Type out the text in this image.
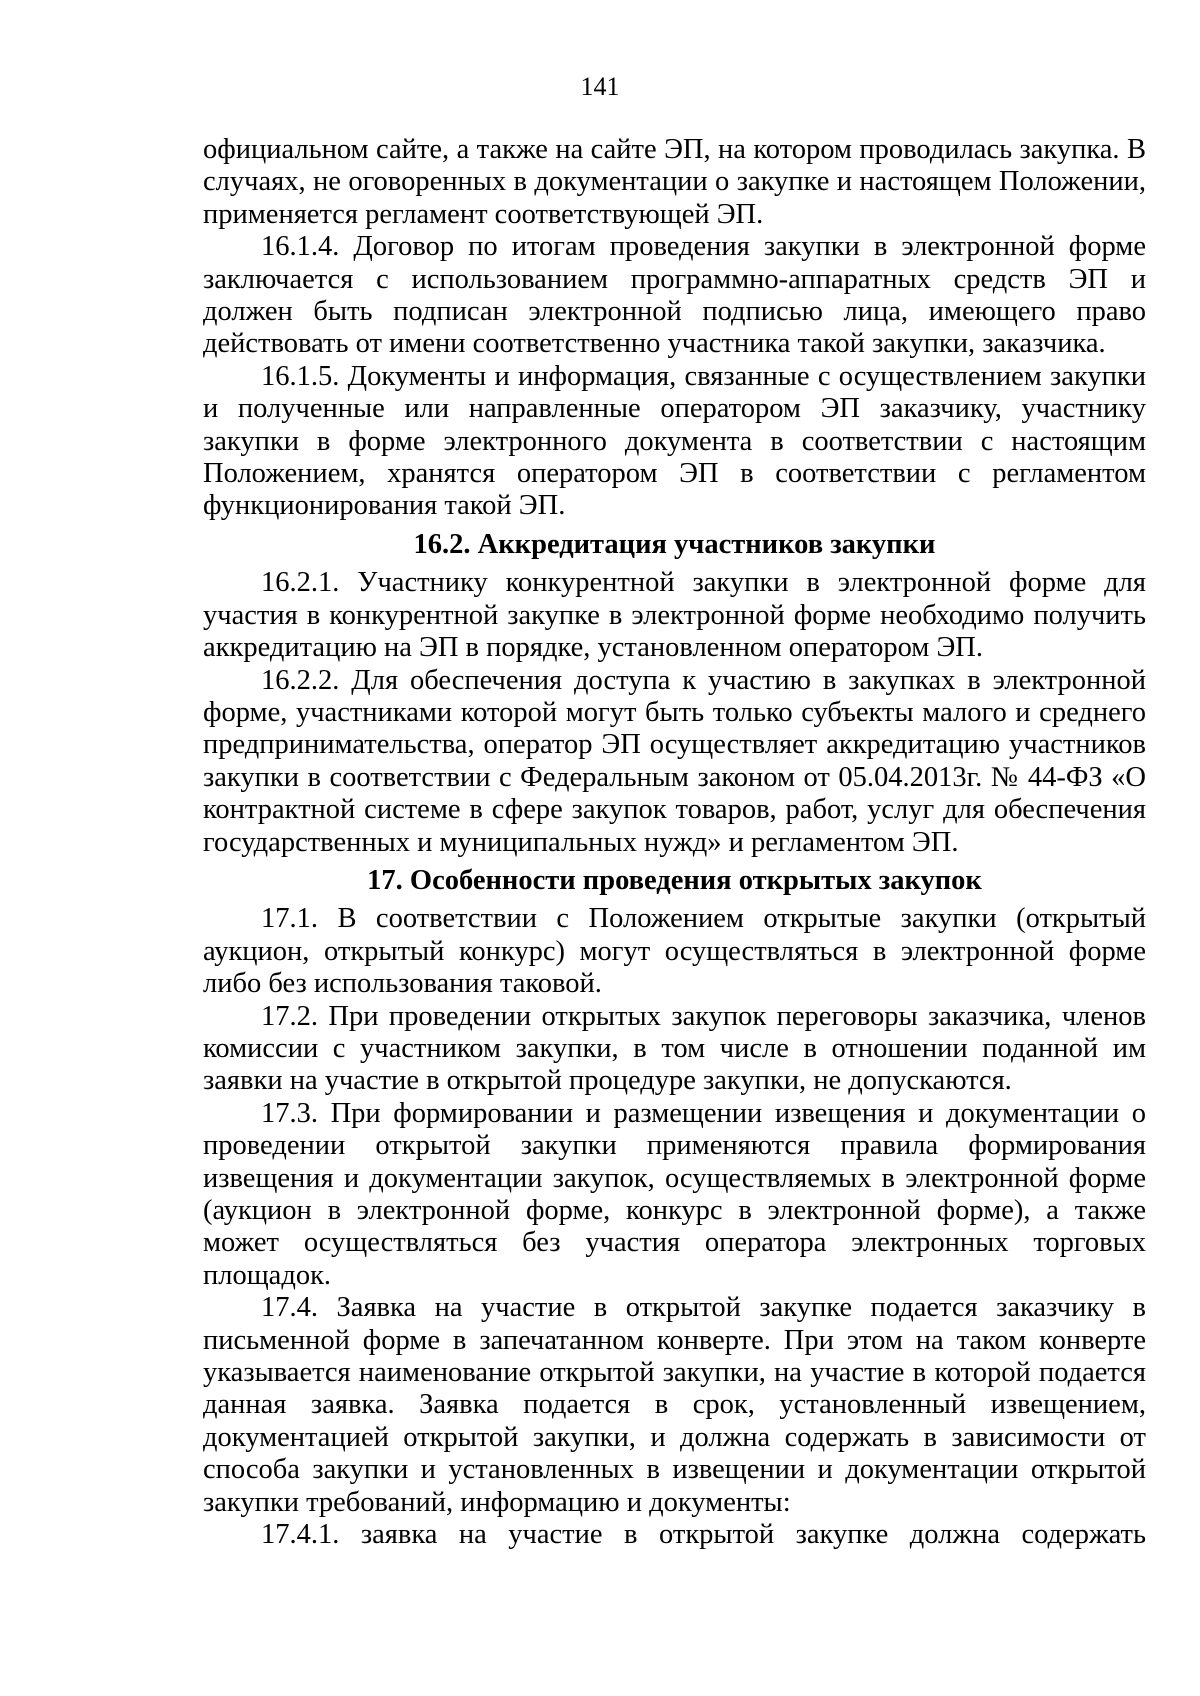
141

официальном сайте, а также на сайте ЭП, на котором проводилась закупка. В случаях, не оговоренных в документации о закупке и настоящем Положении, применяется регламент соответствующей ЭП.

16.1.4. Договор по итогам проведения закупки в электронной форме заключается с использованием программно-аппаратных средств ЭП и должен быть подписан электронной подписью лица, имеющего право действовать от имени соответственно участника такой закупки, заказчика.

16.1.5. Документы и информация, связанные с осуществлением закупки и полученные или направленные оператором ЭП заказчику, участнику закупки в форме электронного документа в соответствии с настоящим Положением, хранятся оператором ЭП в соответствии с регламентом функционирования такой ЭП.

16.2. Аккредитация участников закупки

16.2.1. Участнику конкурентной закупки в электронной форме для участия в конкурентной закупке в электронной форме необходимо получить аккредитацию на ЭП в порядке, установленном оператором ЭП.

16.2.2. Для обеспечения доступа к участию в закупках в электронной форме, участниками которой могут быть только субъекты малого и среднего предпринимательства, оператор ЭП осуществляет аккредитацию участников закупки в соответствии с Федеральным законом от 05.04.2013г. № 44-ФЗ «О контрактной системе в сфере закупок товаров, работ, услуг для обеспечения государственных и муниципальных нужд» и регламентом ЭП.

17. Особенности проведения открытых закупок

17.1. В соответствии с Положением открытые закупки (открытый аукцион, открытый конкурс) могут осуществляться в электронной форме либо без использования таковой.

17.2. При проведении открытых закупок переговоры заказчика, членов комиссии с участником закупки, в том числе в отношении поданной им заявки на участие в открытой процедуре закупки, не допускаются.

17.3. При формировании и размещении извещения и документации о проведении открытой закупки применяются правила формирования извещения и документации закупок, осуществляемых в электронной форме (аукцион в электронной форме, конкурс в электронной форме), а также может осуществляться без участия оператора электронных торговых площадок.

17.4. Заявка на участие в открытой закупке подается заказчику в письменной форме в запечатанном конверте. При этом на таком конверте указывается наименование открытой закупки, на участие в которой подается данная заявка. Заявка подается в срок, установленный извещением, документацией открытой закупки, и должна содержать в зависимости от способа закупки и установленных в извещении и документации открытой закупки требований, информацию и документы:

17.4.1. заявка на участие в открытой закупке должна содержать
